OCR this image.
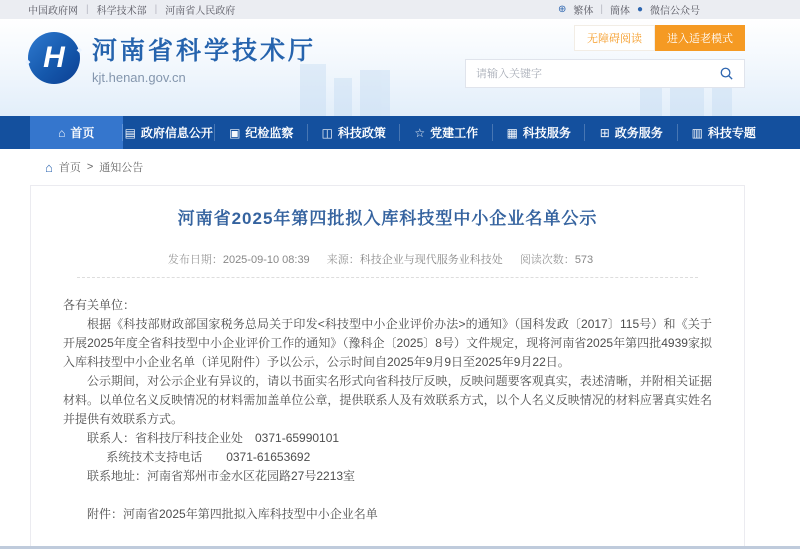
中国政府网 | 科学技术部 | 河南省人民政府	⊕ 繁体 | 簡体 ● 微信公众号
H
◆
◆ 河南省科学技术厅
kjt.henan.gov.cn
无障碍阅读	进入适老模式
请输入关键字
⌂ 首页	▤ 政府信息公开 ▣ 纪检监察 ◫ 科技政策 ☆ 党建工作 ▦ 科技服务 ⊞ 政务服务 ▥ 科技专题
⌂ 首页 > 通知公告
河南省2025年第四批拟入库科技型中小企业名单公示
发布日期：2025-09-10 08:39 来源：科技企业与现代服务业科技处 阅读次数：573

各有关单位：

根据《科技部财政部国家税务总局关于印发<科技型中小企业评价办法>的通知》（国科发政〔2017〕115号）和《关于开展2025年度全省科技型中小企业评价工作的通知》（豫科企〔2025〕8号）文件规定，现将河南省2025年第四批4939家拟入库科技型中小企业名单（详见附件）予以公示，公示时间自2025年9月9日至2025年9月22日。

公示期间，对公示企业有异议的，请以书面实名形式向省科技厅反映，反映问题要客观真实，表述清晰，并附相关证据材料。以单位名义反映情况的材料需加盖单位公章，提供联系人及有效联系方式，以个人名义反映情况的材料应署真实姓名并提供有效联系方式。

联系人：省科技厅科技企业处　0371-65990101

系统技术支持电话　　0371-61653692

联系地址：河南省郑州市金水区花园路27号2213室

附件：河南省2025年第四批拟入库科技型中小企业名单
